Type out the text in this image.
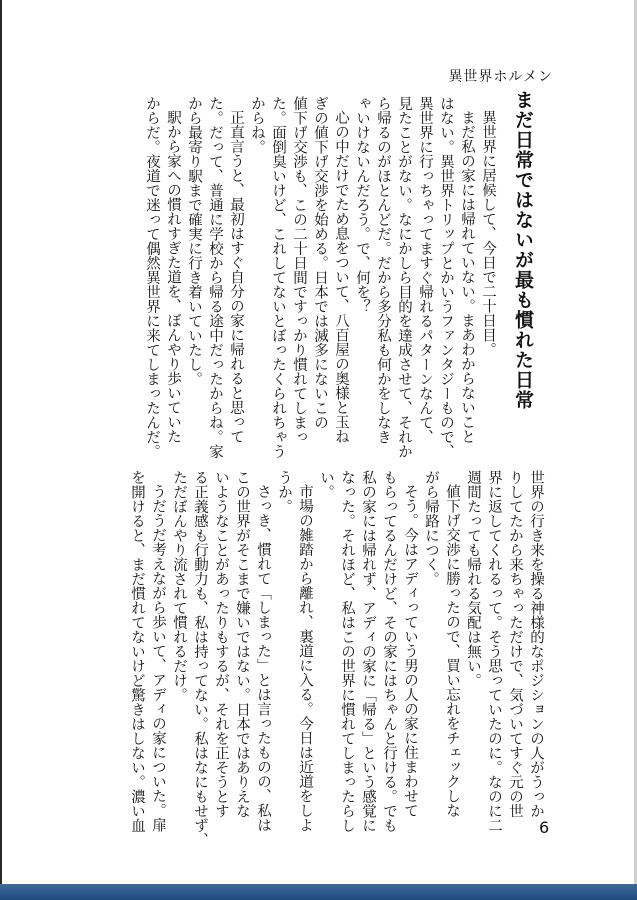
異世界ホルメン
まだ日常ではないが最も慣れた日常

異世界に居候して、今日で二十日目。

まだ私の家には帰れていない。まあわからないこと

はない。異世界トリップとかいうファンタジーもので、

異世界に行っちゃってますぐ帰れるパターンなんて、

見たことがない。なにかしら目的を達成させて、それか

ら帰るのがほとんどだ。だから多分私も何かをしなき

ゃいけないんだろう。で、何を？

心の中だけでため息をついて、八百屋の奥様と玉ね

ぎの値下げ交渉を始める。日本では滅多にないこの

値下げ交渉も、この二十日間ですっかり慣れてしまっ

た。面倒臭いけど、これしてないとぼったくられちゃう

からね。

正直言うと、最初はすぐ自分の家に帰れると思って

た。だって、普通に学校から帰る途中だったからね。家

から最寄り駅まで確実に行き着いていたし。

駅から家への慣れすぎた道を、ぼんやり歩いていた

からだ。夜道で迷って偶然異世界に来てしまったんだ。

世界の行き来を操る神様的なポジションの人がうっか

りしてたから来ちゃっただけで、気づいてすぐ元の世

界に返してくれるって。そう思っていたのに。なのに二

週間たっても帰れる気配は無い。

値下げ交渉に勝ったので、買い忘れをチェックしな

がら帰路につく。

そう。今はアディっていう男の人の家に住まわせて

もらってるんだけど、その家にはちゃんと行ける。でも

私の家には帰れず、アディの家に「帰る」という感覚に

なった。それほど、私はこの世界に慣れてしまったらし

い。

市場の雑踏から離れ、裏道に入る。今日は近道をしよ

うか。

さっき、慣れて「しまった」とは言ったものの、私は

この世界がそこまで嫌いではない。日本ではありえな

いようなことがあったりもするが、それを正そうとす

る正義感も行動力も、私は持ってない。私はなにもせず、

ただぼんやり流されて慣れるだけ。

うだうだ考えながら歩いて、アディの家についた。扉

を開けると、まだ慣れてないけど驚きはしない。濃い血	6
